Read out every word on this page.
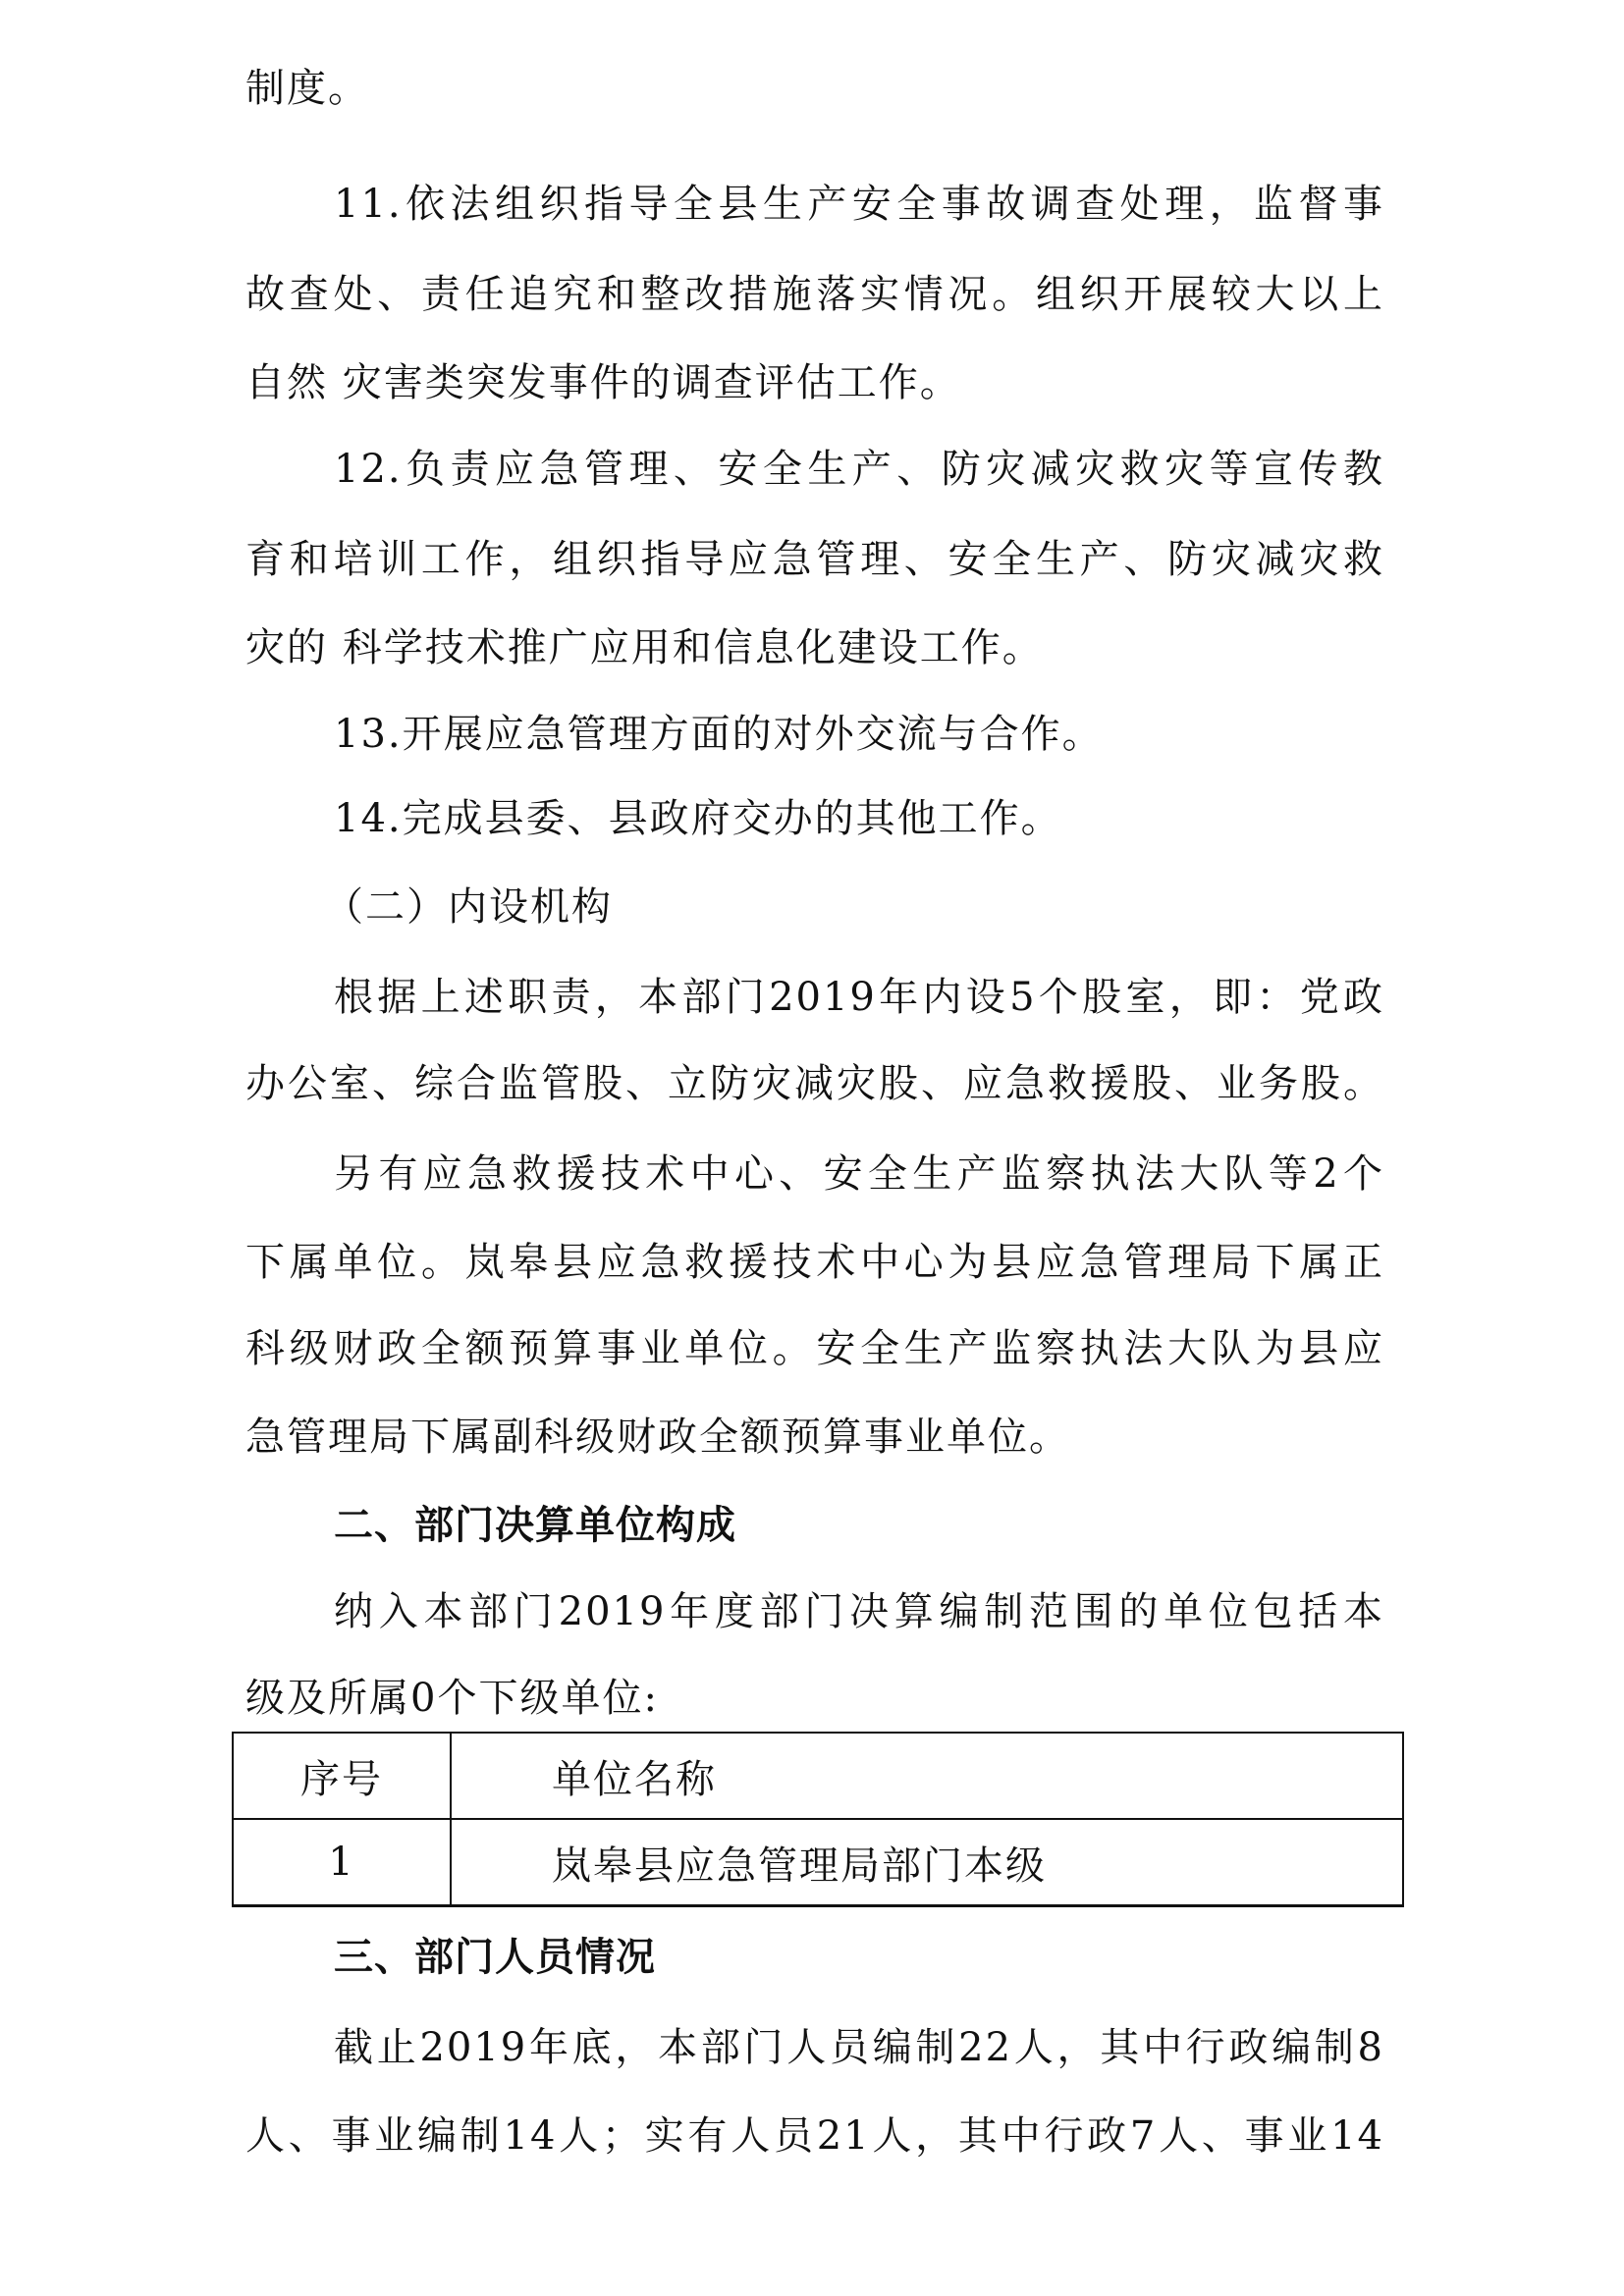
制度。
11.依法组织指导全县生产安全事故调查处理，监督事
故查处、责任追究和整改措施落实情况。组织开展较大以上
自然 灾害类突发事件的调查评估工作。
12.负责应急管理、安全生产、防灾减灾救灾等宣传教
育和培训工作，组织指导应急管理、安全生产、防灾减灾救
灾的 科学技术推广应用和信息化建设工作。
13.开展应急管理方面的对外交流与合作。
14.完成县委、县政府交办的其他工作。
（二）内设机构
根据上述职责，本部门2019年内设5个股室，即：党政
办公室、综合监管股、立防灾减灾股、应急救援股、业务股。
另有应急救援技术中心、安全生产监察执法大队等2个
下属单位。岚皋县应急救援技术中心为县应急管理局下属正
科级财政全额预算事业单位。安全生产监察执法大队为县应
急管理局下属副科级财政全额预算事业单位。
二、部门决算单位构成
纳入本部门2019年度部门决算编制范围的单位包括本
级及所属0个下级单位:
序号	单位名称
1	岚皋县应急管理局部门本级
三、部门人员情况
截止2019年底，本部门人员编制22人，其中行政编制8
人、事业编制14人；实有人员21人，其中行政7人、事业14
